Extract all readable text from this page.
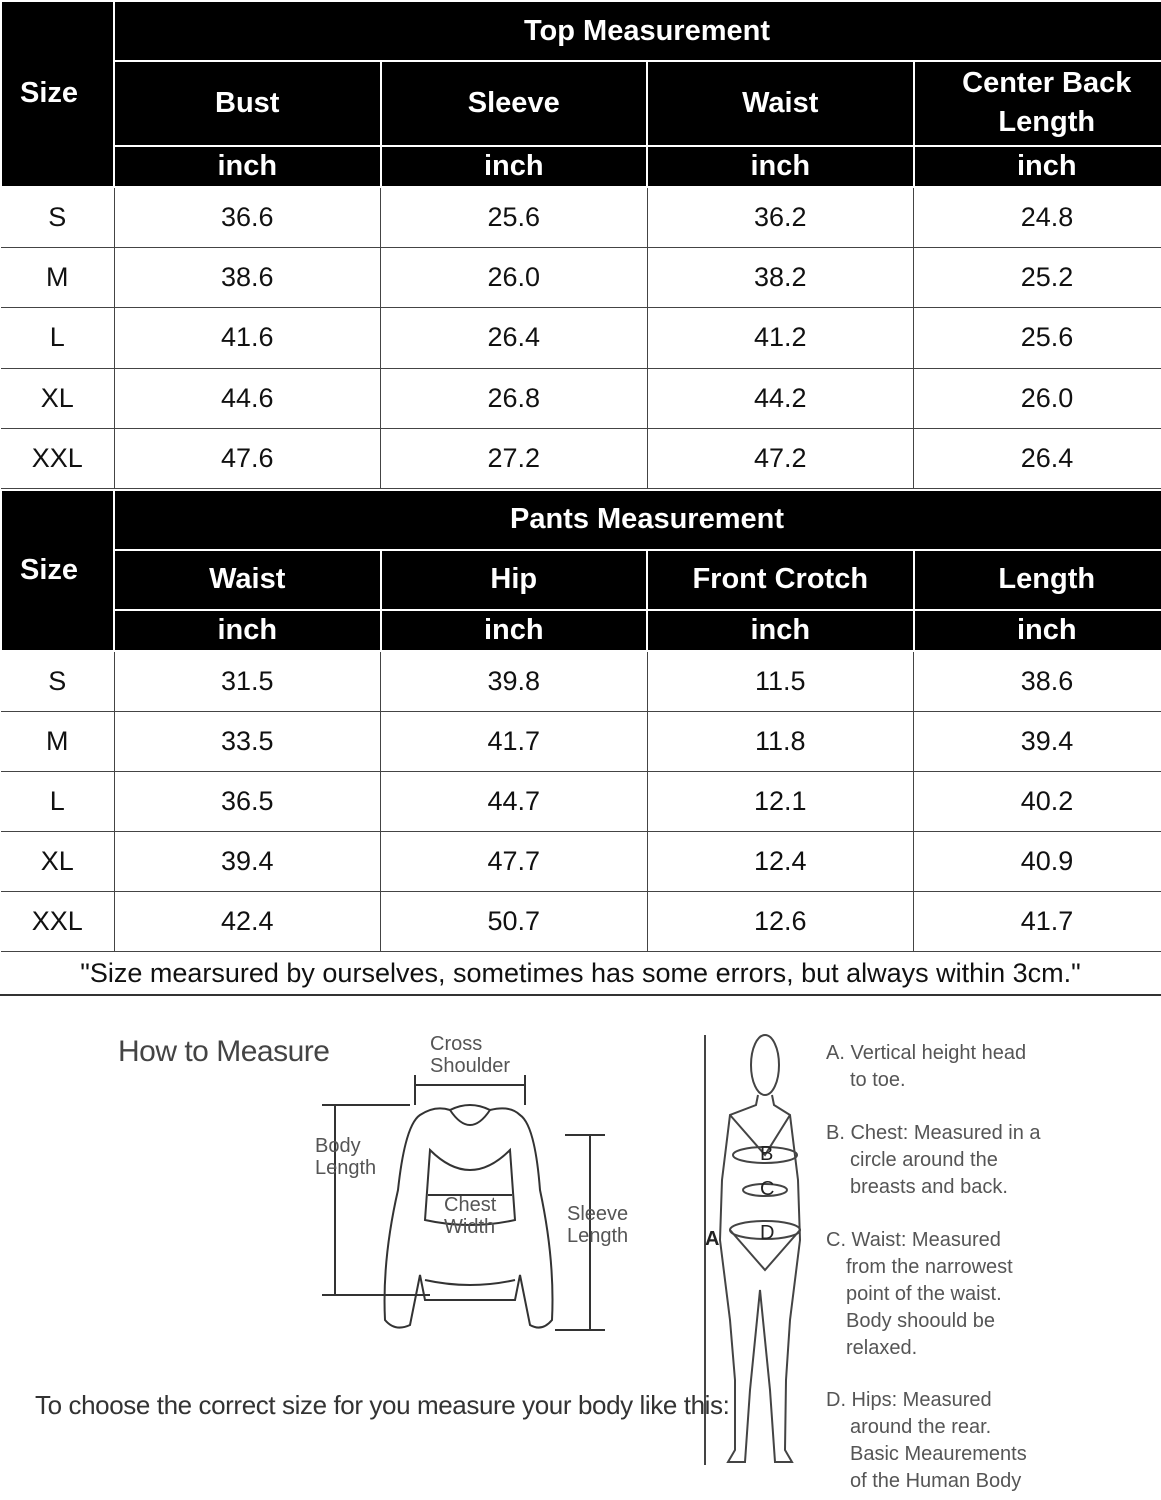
Size	Top Measurement			
	Bust	Sleeve	Waist	Center Back Length
	inch	inch	inch	inch
S	36.6	25.6	36.2	24.8
M	38.6	26.0	38.2	25.2
L	41.6	26.4	41.2	25.6
XL	44.6	26.8	44.2	26.0
XXL	47.6	27.2	47.2	26.4
Size	Pants Measurement			
	Waist	Hip	Front Crotch	Length
	inch	inch	inch	inch
S	31.5	39.8	11.5	38.6
M	33.5	41.7	11.8	39.4
L	36.5	44.7	12.1	40.2
XL	39.4	47.7	12.4	40.9
XXL	42.4	50.7	12.6	41.7
"Size mearsured by ourselves, sometimes has some errors, but always within 3cm."
How to Measure
To choose the correct size for you measure your body like this:
Cross
Shoulder
Body
Length
Chest
Width
Sleeve
Length	A
B
C
D
A. Vertical height head
to toe.
B. Chest: Measured in a
circle around the
breasts and back.
C. Waist: Measured
from the narrowest
point of the waist.
Body shoould be
relaxed.
D. Hips: Measured
around the rear.
Basic Meaurements
of the Human Body
